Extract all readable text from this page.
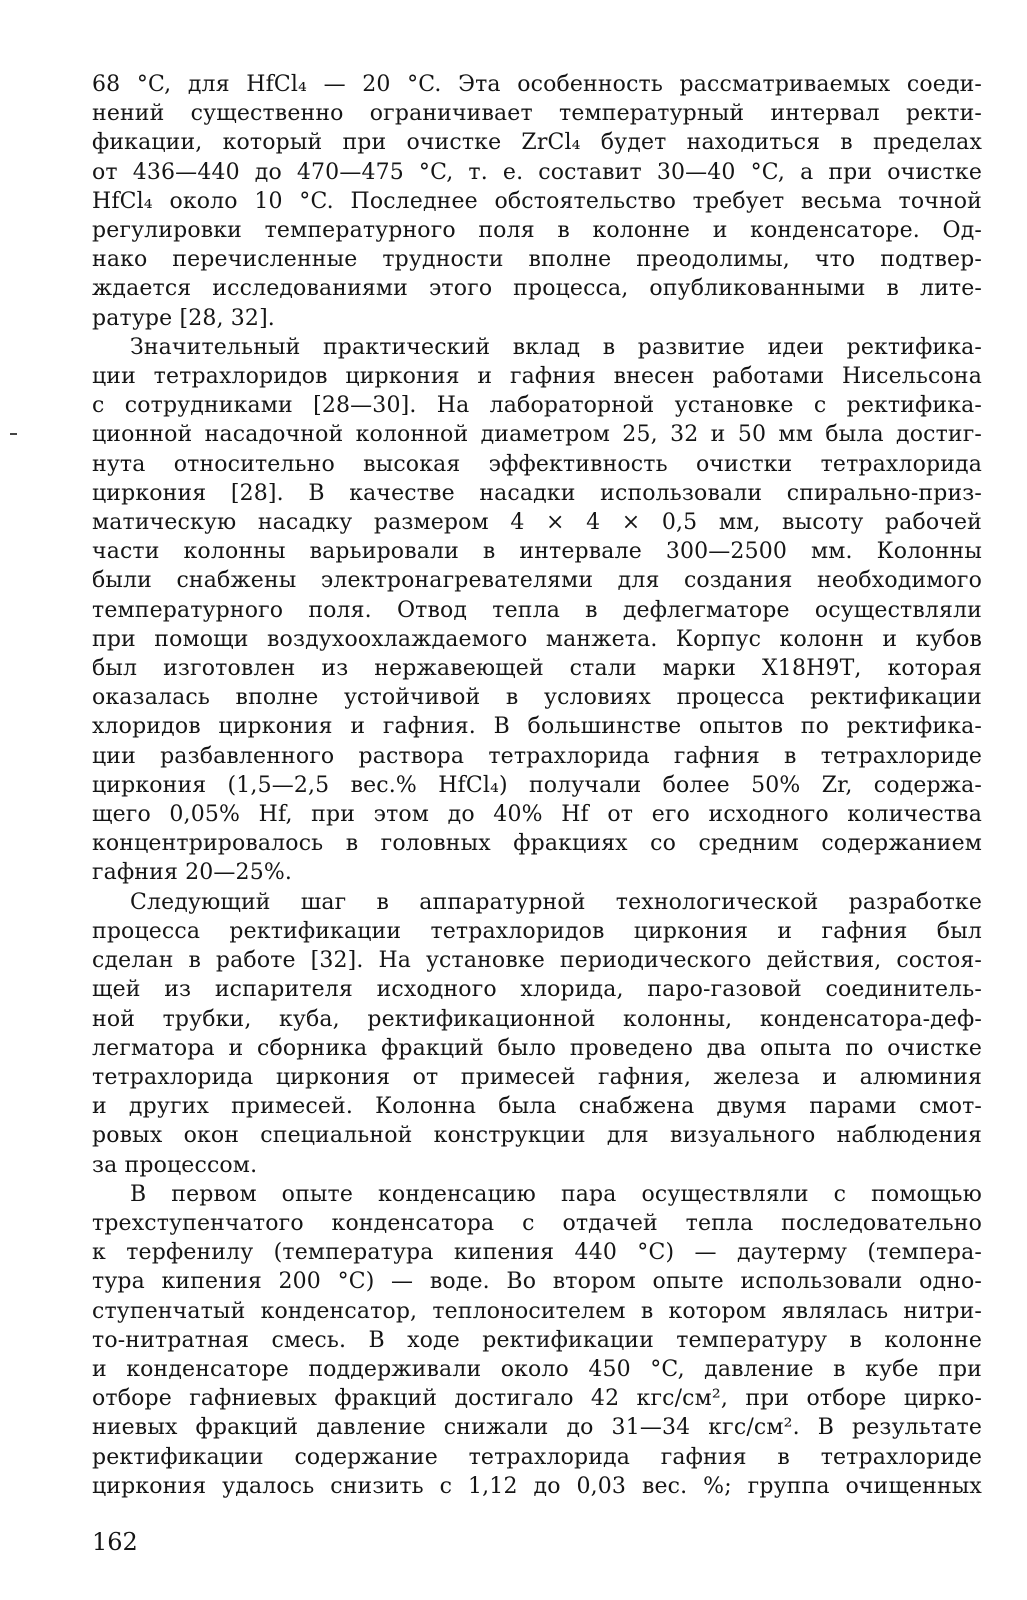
68 °C, для HfCl₄ — 20 °C. Эта особенность рассматриваемых соеди-
нений существенно ограничивает температурный интервал ректи-
фикации, который при очистке ZrCl₄ будет находиться в пределах
от 436—440 до 470—475 °C, т. е. составит 30—40 °C, а при очистке
HfCl₄ около 10 °C. Последнее обстоятельство требует весьма точной
регулировки температурного поля в колонне и конденсаторе. Од-
нако перечисленные трудности вполне преодолимы, что подтвер-
ждается исследованиями этого процесса, опубликованными в лите-
ратуре [28, 32].

Значительный практический вклад в развитие идеи ректифика-
ции тетрахлоридов циркония и гафния внесен работами Нисельсона
с сотрудниками [28—30]. На лабораторной установке с ректифика-
ционной насадочной колонной диаметром 25, 32 и 50 мм была достиг-
нута относительно высокая эффективность очистки тетрахлорида
циркония [28]. В качестве насадки использовали спирально-приз-
матическую насадку размером 4 × 4 × 0,5 мм, высоту рабочей
части колонны варьировали в интервале 300—2500 мм. Колонны
были снабжены электронагревателями для создания необходимого
температурного поля. Отвод тепла в дефлегматоре осуществляли
при помощи воздухоохлаждаемого манжета. Корпус колонн и кубов
был изготовлен из нержавеющей стали марки Х18Н9Т, которая
оказалась вполне устойчивой в условиях процесса ректификации
хлоридов циркония и гафния. В большинстве опытов по ректифика-
ции разбавленного раствора тетрахлорида гафния в тетрахлориде
циркония (1,5—2,5 вес.% HfCl₄) получали более 50% Zr, содержа-
щего 0,05% Hf, при этом до 40% Hf от его исходного количества
концентрировалось в головных фракциях со средним содержанием
гафния 20—25%.

Следующий шаг в аппаратурной технологической разработке
процесса ректификации тетрахлоридов циркония и гафния был
сделан в работе [32]. На установке периодического действия, состоя-
щей из испарителя исходного хлорида, паро-газовой соединитель-
ной трубки, куба, ректификационной колонны, конденсатора-деф-
легматора и сборника фракций было проведено два опыта по очистке
тетрахлорида циркония от примесей гафния, железа и алюминия
и других примесей. Колонна была снабжена двумя парами смот-
ровых окон специальной конструкции для визуального наблюдения
за процессом.

В первом опыте конденсацию пара осуществляли с помощью
трехступенчатого конденсатора с отдачей тепла последовательно
к терфенилу (температура кипения 440 °C) — даутерму (темпера-
тура кипения 200 °C) — воде. Во втором опыте использовали одно-
ступенчатый конденсатор, теплоносителем в котором являлась нитри-
то-нитратная смесь. В ходе ректификации температуру в колонне
и конденсаторе поддерживали около 450 °C, давление в кубе при
отборе гафниевых фракций достигало 42 кгс/см², при отборе цирко-
ниевых фракций давление снижали до 31—34 кгс/см². В результате
ректификации содержание тетрахлорида гафния в тетрахлориде
циркония удалось снизить с 1,12 до 0,03 вес. %; группа очищенных

162
